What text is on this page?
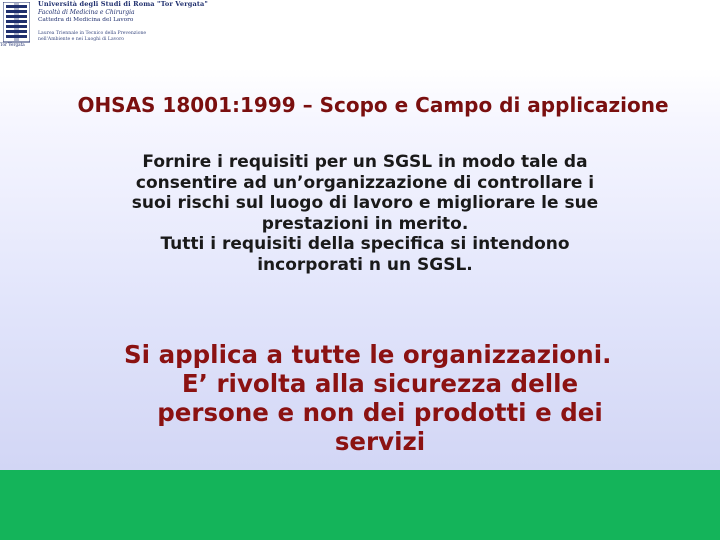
Tor Vergata
Università degli Studi di Roma "Tor Vergata"
Facoltà di Medicina e Chirurgia
Cattedra di Medicina del Lavoro
Laurea Triennale in Tecnico della Prevenzione
nell'Ambiente e nei Luoghi di Lavoro
OHSAS 18001:1999 – Scopo e Campo di applicazione
Fornire i requisiti per un SGSL in modo tale da
consentire ad un’organizzazione di controllare i
suoi rischi sul luogo di lavoro e migliorare le sue
prestazioni in merito.
Tutti i requisiti della specifica si intendono
incorporati n un SGSL.
Si applica a tutte le organizzazioni.
E’ rivolta alla sicurezza delle
persone e non dei prodotti e dei
servizi
